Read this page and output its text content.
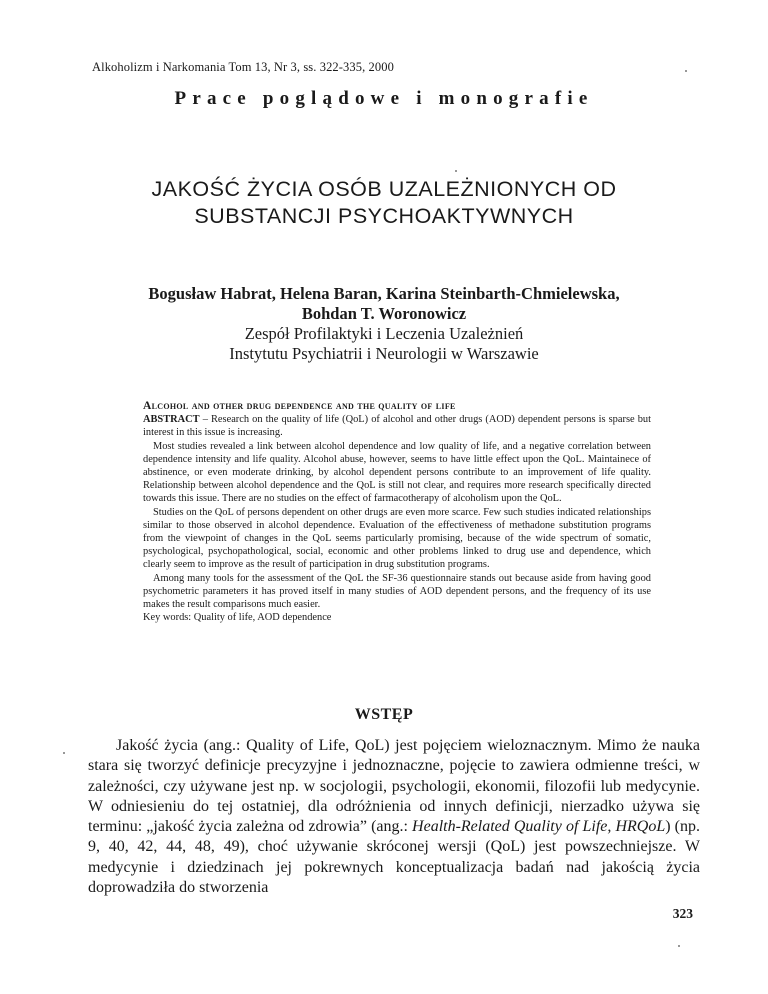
Alkoholizm i Narkomania Tom 13, Nr 3, ss. 322-335, 2000
Prace poglądowe i monografie
JAKOŚĆ ŻYCIA OSÓB UZALEŻNIONYCH OD
SUBSTANCJI PSYCHOAKTYWNYCH
Bogusław Habrat, Helena Baran, Karina Steinbarth-Chmielewska,
Bohdan T. Woronowicz
Zespół Profilaktyki i Leczenia Uzależnień
Instytutu Psychiatrii i Neurologii w Warszawie
Alcohol and other drug dependence and the quality of life

ABSTRACT – Research on the quality of life (QoL) of alcohol and other drugs (AOD) dependent persons is sparse but interest in this issue is increasing.

Most studies revealed a link between alcohol dependence and low quality of life, and a negative correlation between dependence intensity and life quality. Alcohol abuse, however, seems to have little effect upon the QoL. Maintainece of abstinence, or even moderate drinking, by alcohol dependent persons contribute to an improvement of life quality. Relationship between alcohol dependence and the QoL is still not clear, and requires more research specifically directed towards this issue. There are no studies on the effect of farmacotherapy of alcoholism upon the QoL.

Studies on the QoL of persons dependent on other drugs are even more scarce. Few such studies indicated relationships similar to those observed in alcohol dependence. Evaluation of the effectiveness of methadone substitution programs from the viewpoint of changes in the QoL seems particularly promising, because of the wide spectrum of somatic, psychological, psychopathological, social, economic and other problems linked to drug use and dependence, which clearly seem to improve as the result of participation in drug substitution programs.

Among many tools for the assessment of the QoL the SF-36 questionnaire stands out because aside from having good psychometric parameters it has proved itself in many studies of AOD dependent persons, and the frequency of its use makes the result comparisons much easier.

Key words: Quality of life, AOD dependence
WSTĘP

Jakość życia (ang.: Quality of Life, QoL) jest pojęciem wieloznacznym. Mimo że nauka stara się tworzyć definicje precyzyjne i jednoznaczne, pojęcie to zawiera odmienne treści, w zależności, czy używane jest np. w socjologii, psychologii, ekonomii, filozofii lub medycynie. W odniesieniu do tej ostatniej, dla odróżnienia od innych definicji, nierzadko używa się terminu: „jakość życia zależna od zdrowia” (ang.: Health-Related Quality of Life, HRQoL) (np. 9, 40, 42, 44, 48, 49), choć używanie skróconej wersji (QoL) jest powszechniejsze. W medycynie i dziedzinach jej pokrewnych konceptualizacja badań nad jakością życia doprowadziła do stworzenia

323
